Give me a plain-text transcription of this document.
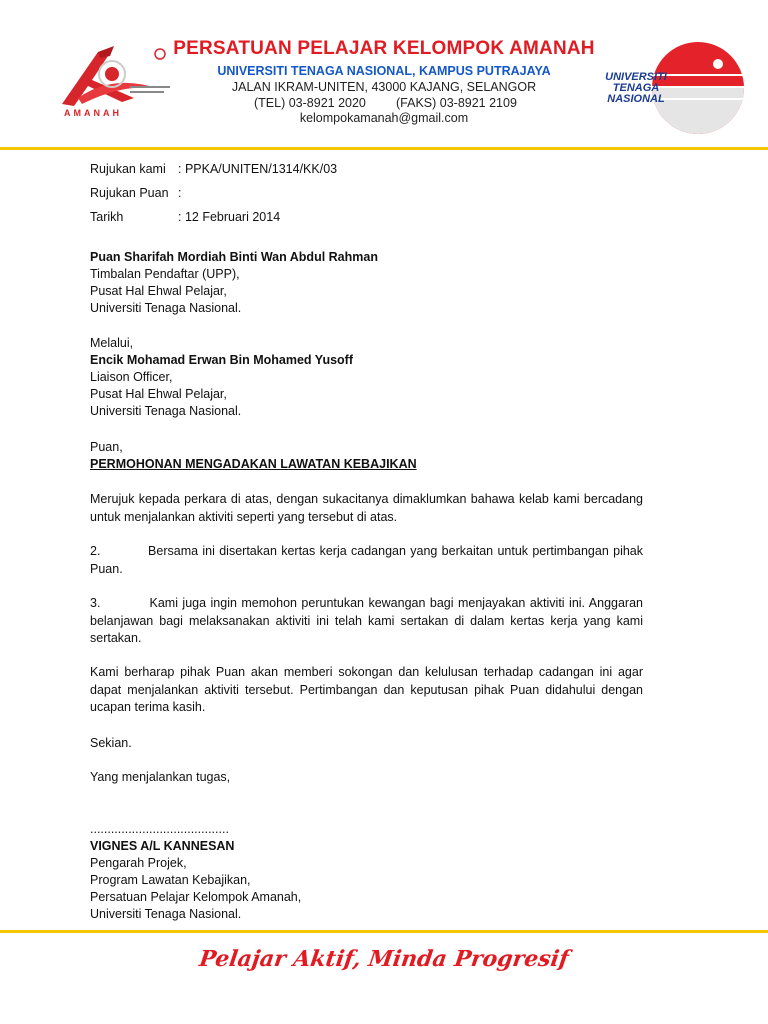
AMANAH
UNIVERSITI
TENAGA
NASIONAL
PERSATUAN PELAJAR KELOMPOK AMANAH
UNIVERSITI TENAGA NASIONAL, KAMPUS PUTRAJAYA
JALAN IKRAM-UNITEN, 43000 KAJANG, SELANGOR
(TEL) 03-8921 2020 (FAKS) 03-8921 2109
kelompokamanah@gmail.com
Rujukan kami : PPKA/UNITEN/1314/KK/03
Rujukan Puan :
Tarikh	: 12 Februari 2014
Puan Sharifah Mordiah Binti Wan Abdul Rahman
Timbalan Pendaftar (UPP),
Pusat Hal Ehwal Pelajar,
Universiti Tenaga Nasional.
Melalui,
Encik Mohamad Erwan Bin Mohamed Yusoff
Liaison Officer,
Pusat Hal Ehwal Pelajar,
Universiti Tenaga Nasional.
Puan,
PERMOHONAN MENGADAKAN LAWATAN KEBAJIKAN
Merujuk kepada perkara di atas, dengan sukacitanya dimaklumkan bahawa kelab kami bercadang untuk menjalankan aktiviti seperti yang tersebut di atas.
2.           Bersama ini disertakan kertas kerja cadangan yang berkaitan untuk pertimbangan pihak Puan.
3.           Kami juga ingin memohon peruntukan kewangan bagi menjayakan aktiviti ini. Anggaran belanjawan bagi melaksanakan aktiviti ini telah kami sertakan di dalam kertas kerja yang kami sertakan.
Kami berharap pihak Puan akan memberi sokongan dan kelulusan terhadap cadangan ini agar dapat menjalankan aktiviti tersebut. Pertimbangan dan keputusan pihak Puan didahului dengan ucapan terima kasih.
Sekian.
Yang menjalankan tugas,
........................................
VIGNES A/L KANNESAN
Pengarah Projek,
Program Lawatan Kebajikan,
Persatuan Pelajar Kelompok Amanah,
Universiti Tenaga Nasional.
Pelajar Aktif, Minda Progresif
